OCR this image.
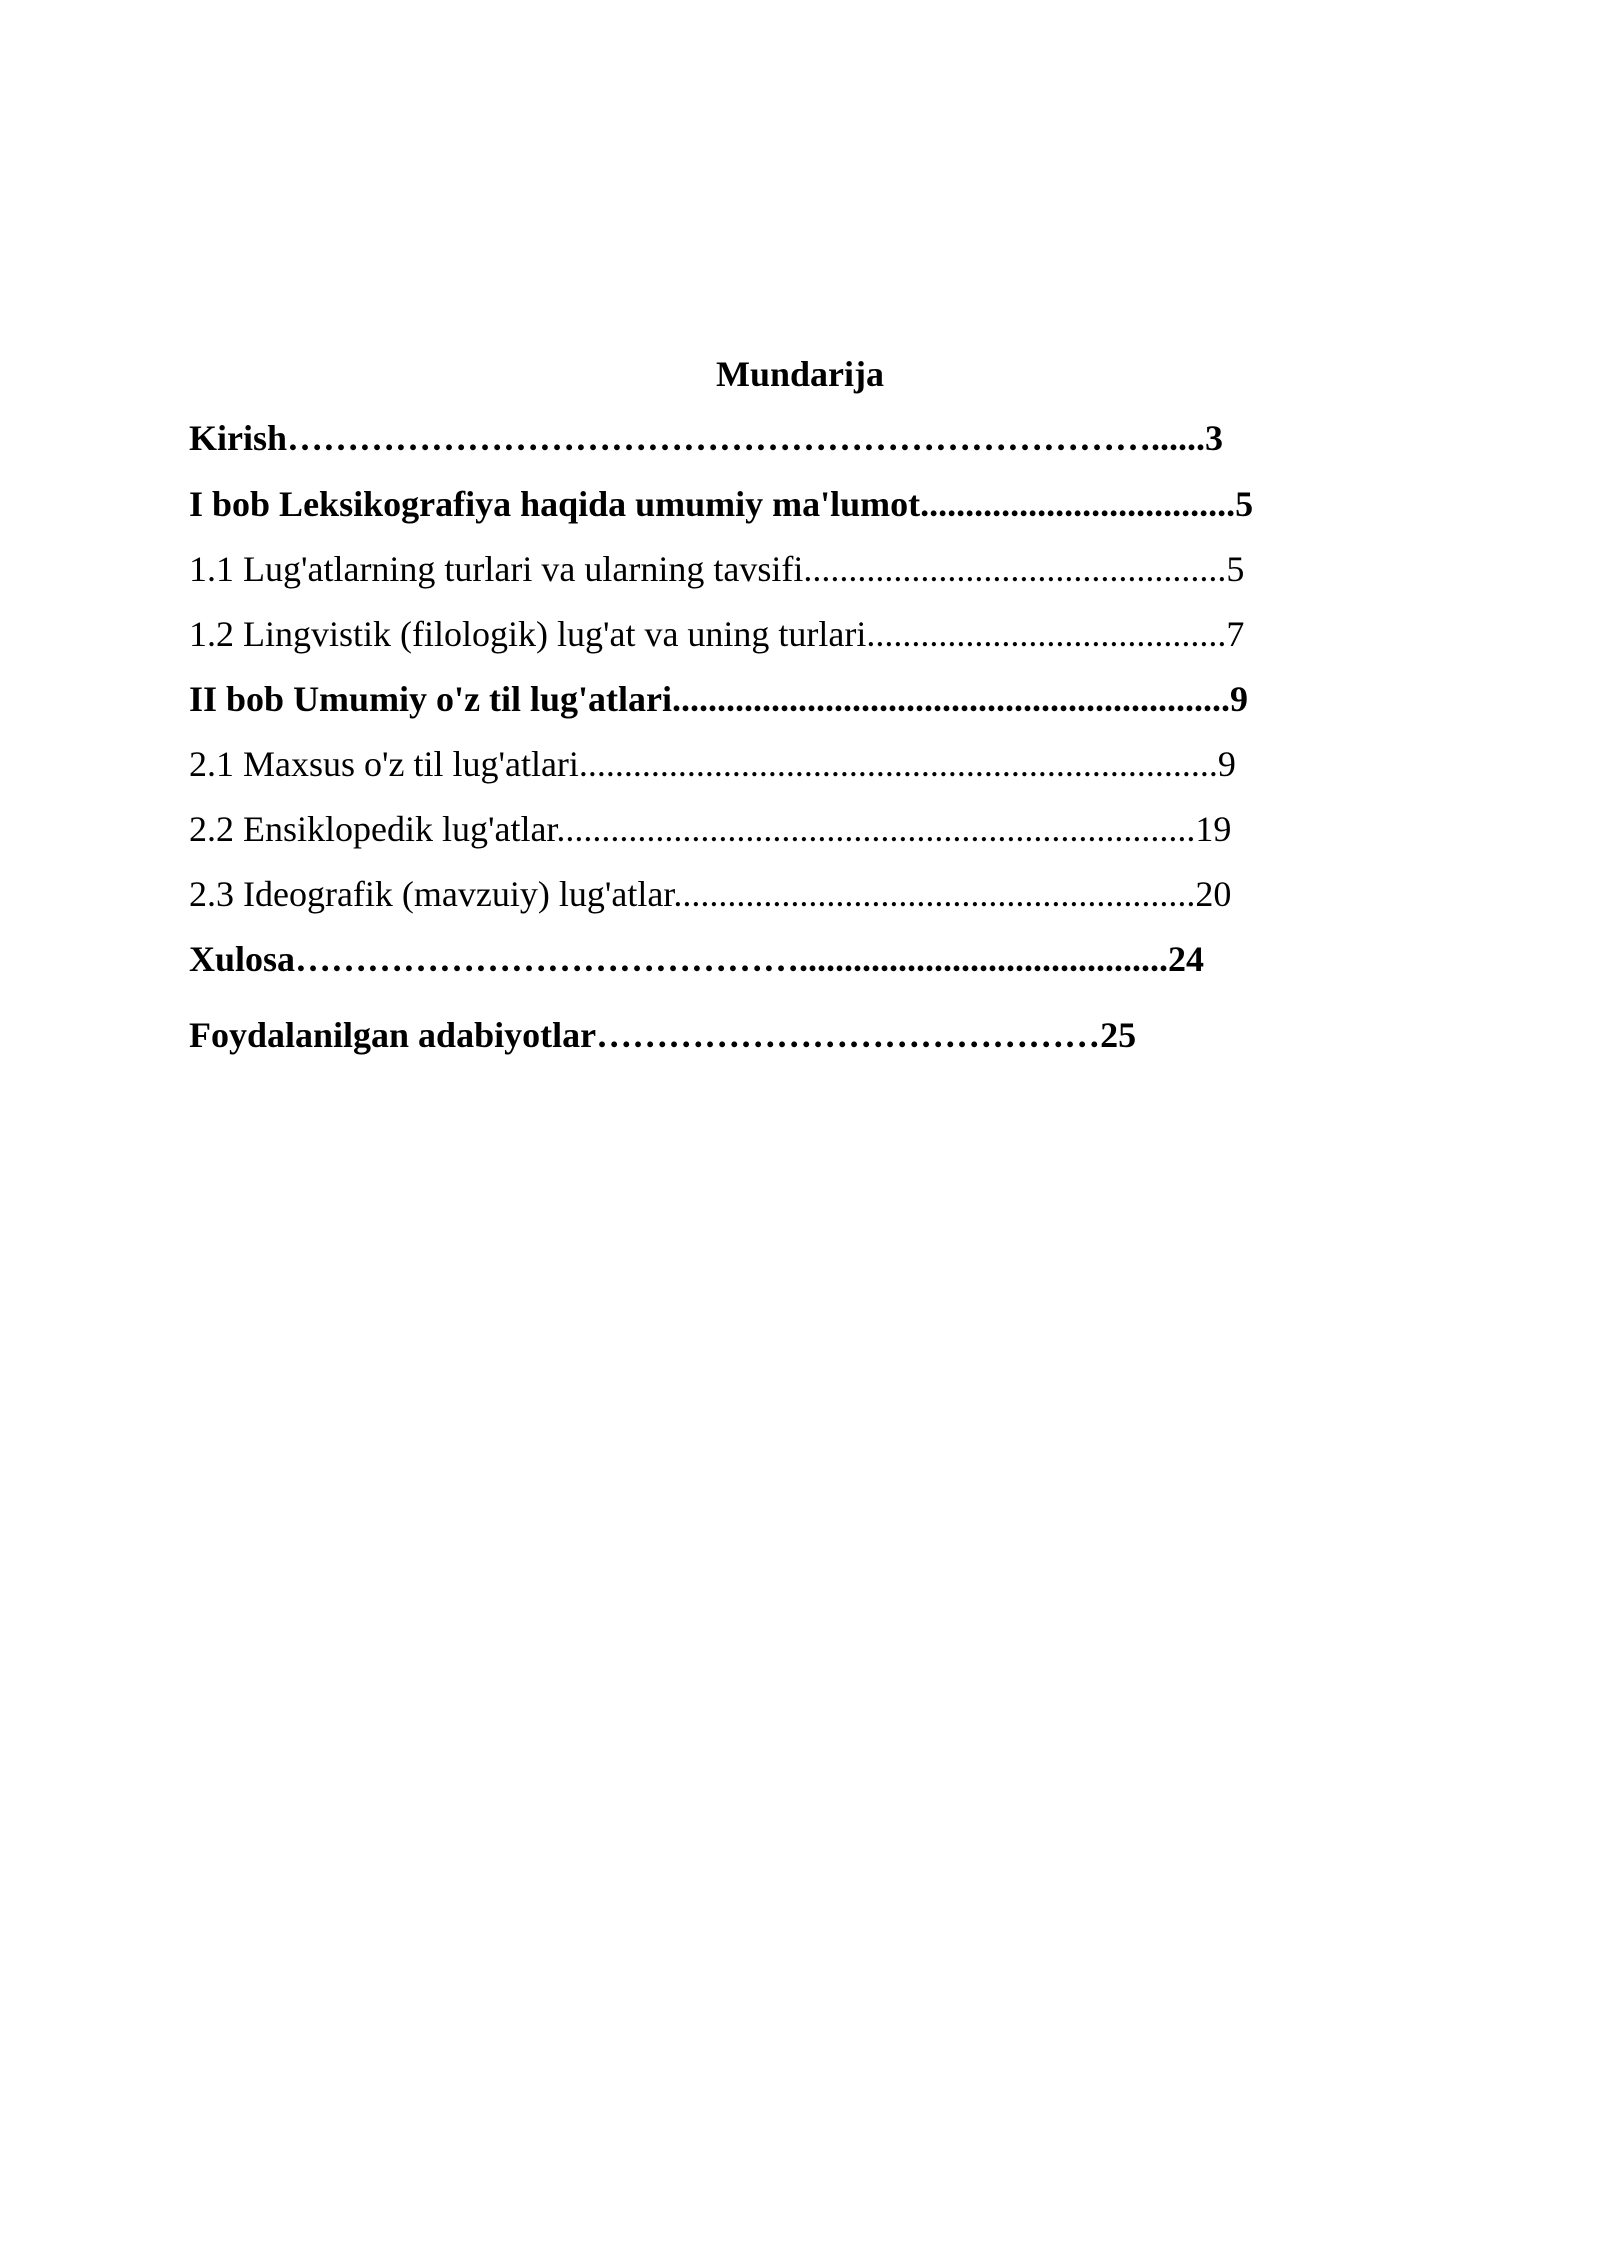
Mundarija
Kirish………………………………………………………………......3
I bob Leksikografiya haqida umumiy ma'lumot...................................5
1.1 Lug'atlarning turlari va ularning tavsifi...............................................5
1.2 Lingvistik (filologik) lug'at va uning turlari........................................7
II bob Umumiy o'z til lug'atlari..............................................................9
2.1 Maxsus o'z til lug'atlari.......................................................................9
2.2 Ensiklopedik lug'atlar.......................................................................19
2.3 Ideografik (mavzuiy) lug'atlar..........................................................20
Xulosa…………………………………….........................................24
Foydalanilgan adabiyotlar……………………………………25
